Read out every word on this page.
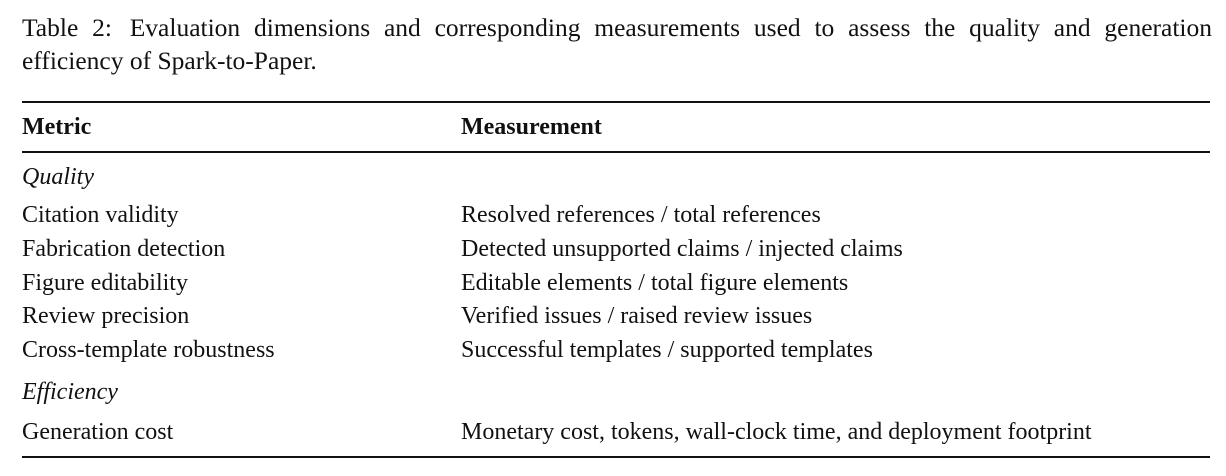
Table 2: Evaluation dimensions and corresponding measurements used to assess the quality and generation efficiency of Spark-to-Paper.
Metric	Measurement
Quality
Citation validity	Resolved references / total references
Fabrication detection	Detected unsupported claims / injected claims
Figure editability	Editable elements / total figure elements
Review precision	Verified issues / raised review issues
Cross-template robustness	Successful templates / supported templates
Efficiency
Generation cost	Monetary cost, tokens, wall-clock time, and deployment footprint
